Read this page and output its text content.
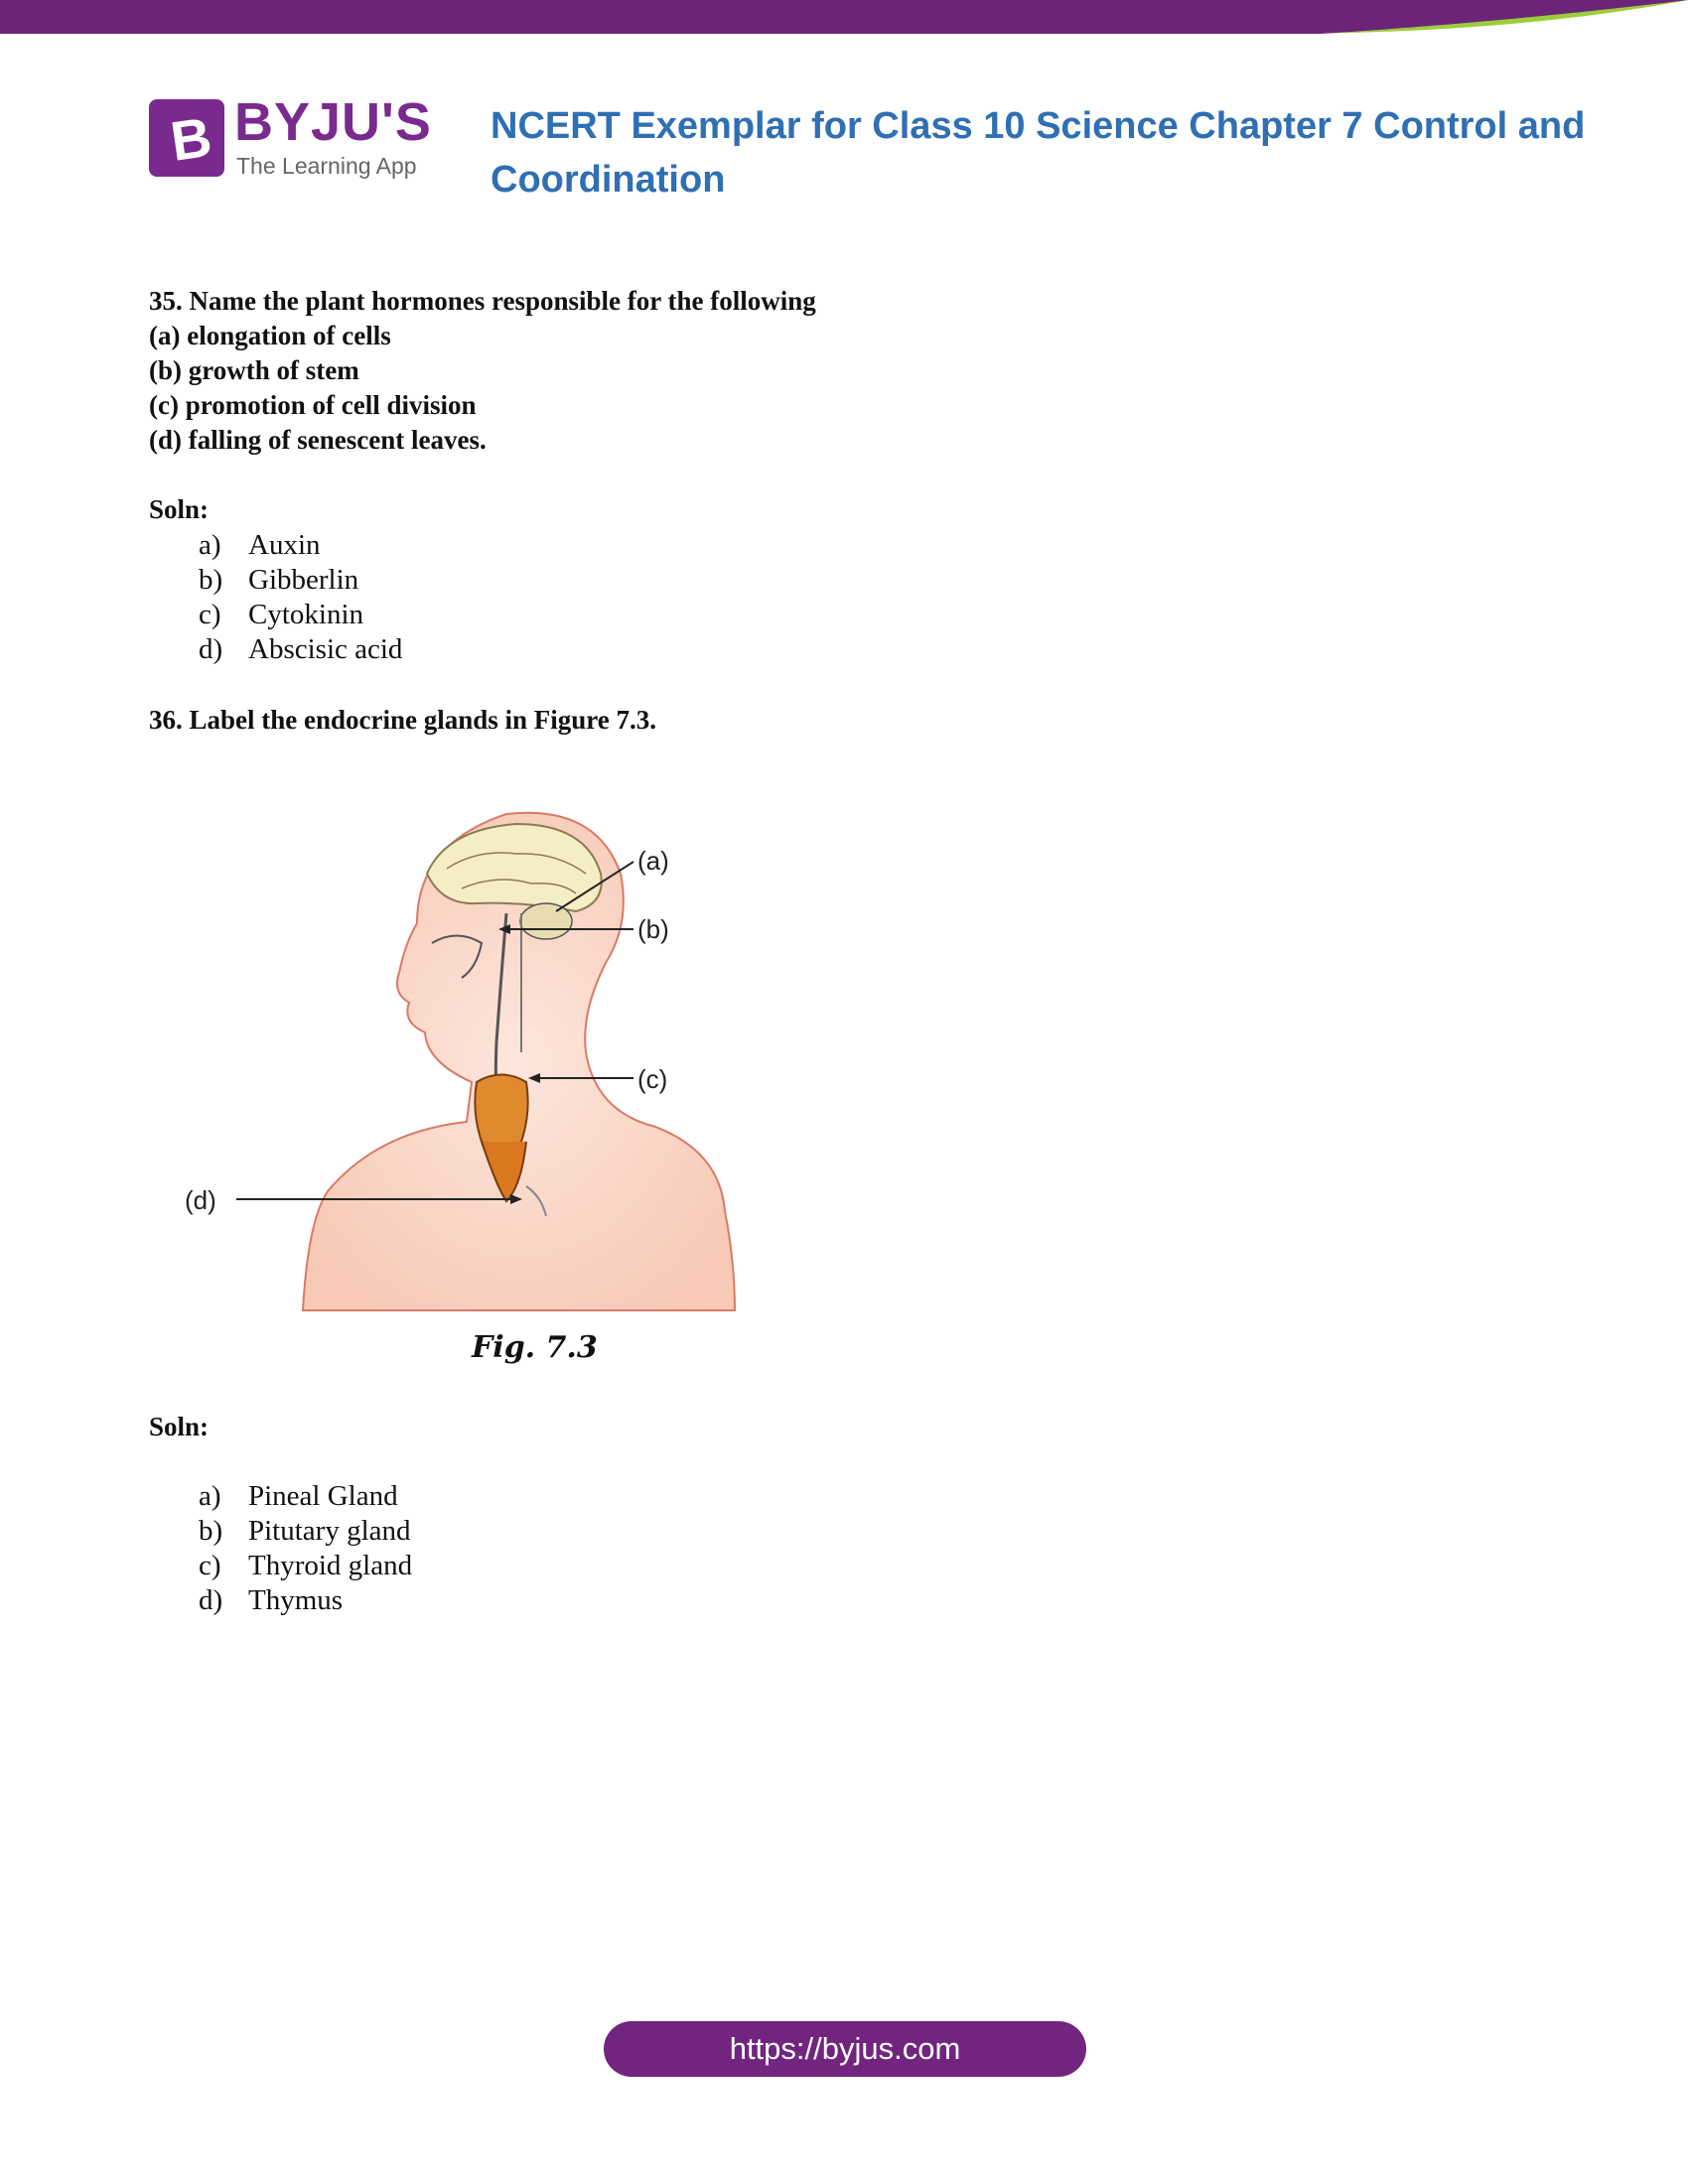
B BYJU'S
The Learning App
NCERT Exemplar for Class 10 Science Chapter 7 Control and Coordination
35. Name the plant hormones responsible for the following
(a) elongation of cells
(b) growth of stem
(c) promotion of cell division
(d) falling of senescent leaves.
Soln:
a) Auxin
b) Gibberlin
c) Cytokinin
d) Abscisic acid
36. Label the endocrine glands in Figure 7.3.
(a)
(b)
(c)
(d)
Fig. 7.3
Soln:
a) Pineal Gland
b) Pitutary gland
c) Thyroid gland
d) Thymus
https://byjus.com
